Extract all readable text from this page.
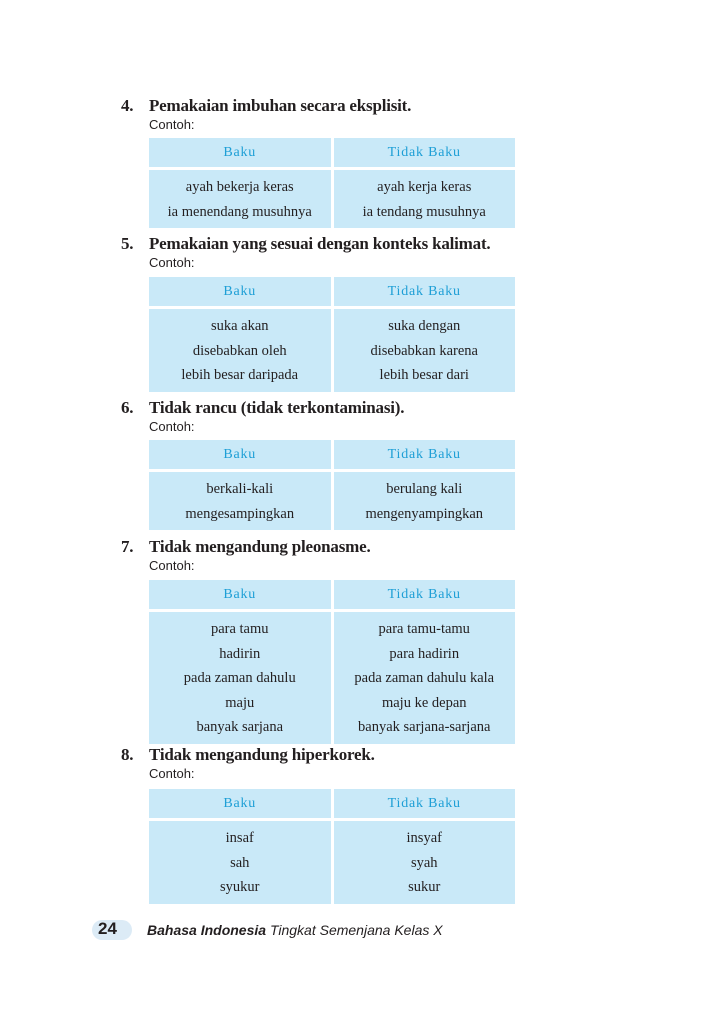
4. Pemakaian imbuhan secara eksplisit.
Contoh:
Baku
ayah bekerja keras
ia menendang musuhnya
Tidak Baku
ayah kerja keras
ia tendang musuhnya
5. Pemakaian yang sesuai dengan konteks kalimat.
Contoh:
Baku
suka akan
disebabkan oleh
lebih besar daripada
Tidak Baku
suka dengan
disebabkan karena
lebih besar dari
6. Tidak rancu (tidak terkontaminasi).
Contoh:
Baku
berkali-kali
mengesampingkan
Tidak Baku
berulang kali
mengenyampingkan
7. Tidak mengandung pleonasme.
Contoh:
Baku
para tamu
hadirin
pada zaman dahulu
maju
banyak sarjana
Tidak Baku
para tamu-tamu
para hadirin
pada zaman dahulu kala
maju ke depan
banyak sarjana-sarjana
8. Tidak mengandung hiperkorek.
Contoh:
Baku
insaf
sah
syukur
Tidak Baku
insyaf
syah
sukur
24 Bahasa Indonesia Tingkat Semenjana Kelas X
